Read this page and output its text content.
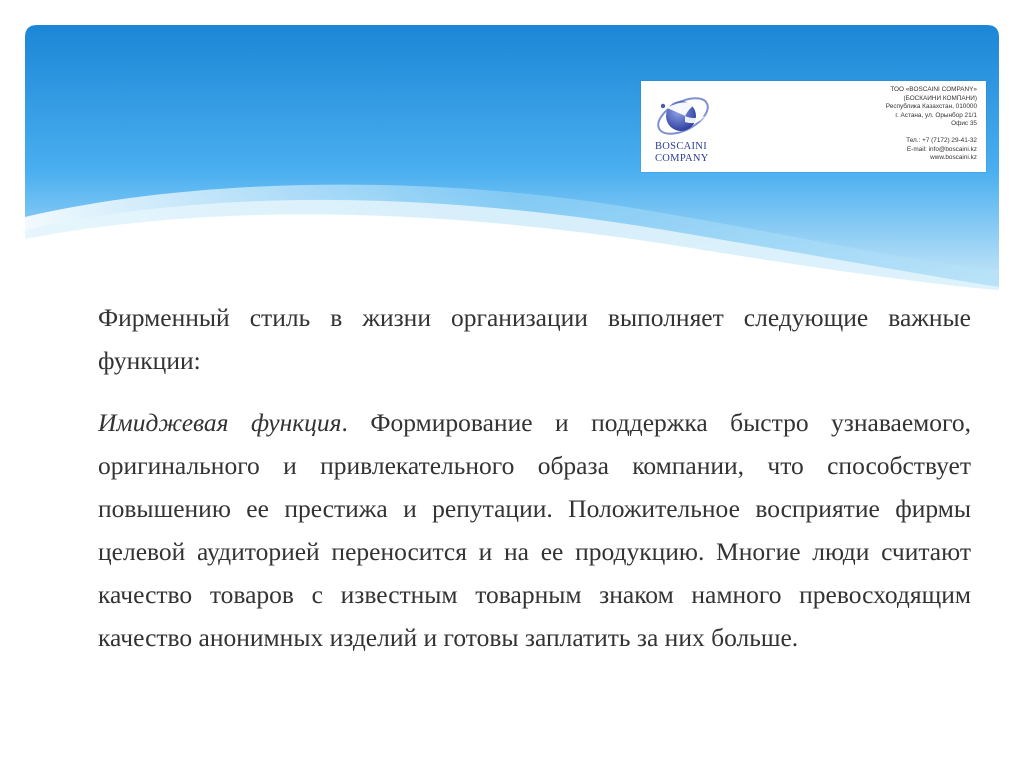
BOSCAINI
COMPANY
ТОО «BOSCAINI COMPANY»
(БОСКАИНИ КОМПАНИ)
Республика Казахстан, 010000
г. Астана, ул. Орынбор 21/1
Офис 35
Тел.: +7 (7172) 29-41-32
E-mail: info@boscaini.kz
www.boscaini.kz

Фирменный стиль в жизни организации выполняет следующие важные функции:

Имиджевая функция. Формирование и поддержка быстро узнаваемого, оригинального и привлекательного образа компании, что способствует повышению ее престижа и репутации. Положительное восприятие фирмы целевой аудиторией переносится и на ее продукцию. Многие люди считают качество товаров с известным товарным знаком намного превосходящим качество анонимных изделий и готовы заплатить за них больше.
